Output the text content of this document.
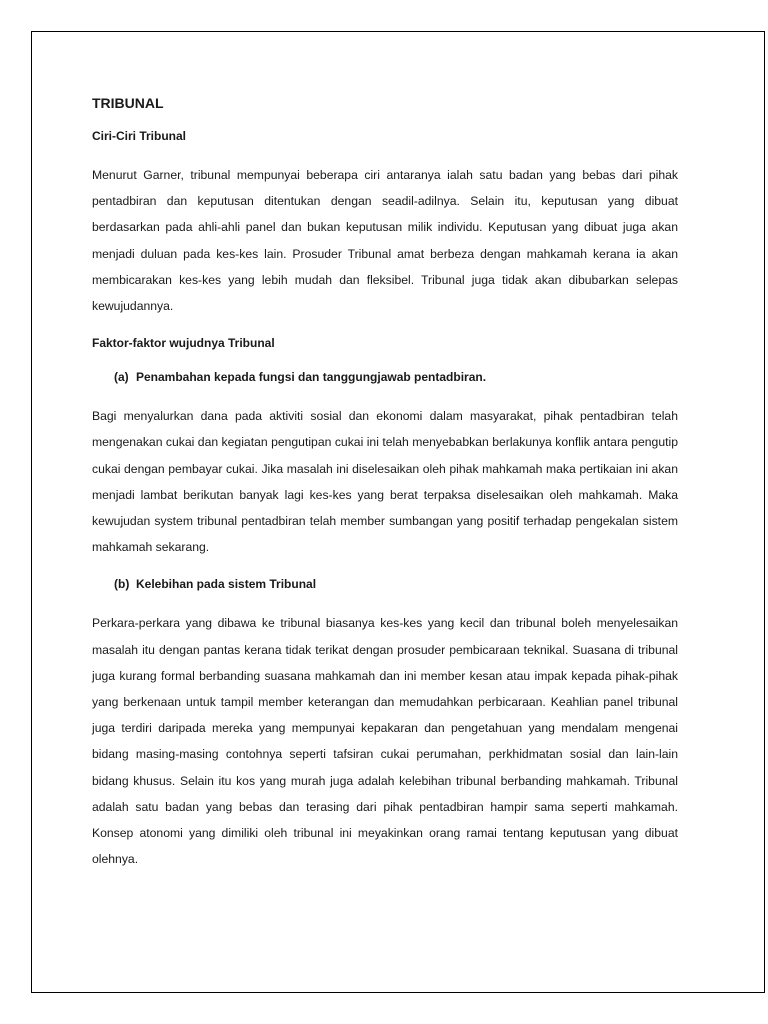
TRIBUNAL
Ciri-Ciri Tribunal

Menurut Garner, tribunal mempunyai beberapa ciri antaranya ialah satu badan yang bebas dari pihak pentadbiran dan keputusan ditentukan dengan seadil-adilnya. Selain itu, keputusan yang dibuat berdasarkan pada ahli-ahli panel dan bukan keputusan milik individu. Keputusan yang dibuat juga akan menjadi duluan pada kes-kes lain. Prosuder Tribunal amat berbeza dengan mahkamah kerana ia akan membicarakan kes-kes yang lebih mudah dan fleksibel. Tribunal juga tidak akan dibubarkan selepas kewujudannya.

Faktor-faktor wujudnya Tribunal
(a) Penambahan kepada fungsi dan tanggungjawab pentadbiran.

Bagi menyalurkan dana pada aktiviti sosial dan ekonomi dalam masyarakat, pihak pentadbiran telah mengenakan cukai dan kegiatan pengutipan cukai ini telah menyebabkan berlakunya konflik antara pengutip cukai dengan pembayar cukai. Jika masalah ini diselesaikan oleh pihak mahkamah maka pertikaian ini akan menjadi lambat berikutan banyak lagi kes-kes yang berat terpaksa diselesaikan oleh mahkamah. Maka kewujudan system tribunal pentadbiran telah member sumbangan yang positif terhadap pengekalan sistem mahkamah sekarang.

(b) Kelebihan pada sistem Tribunal

Perkara-perkara yang dibawa ke tribunal biasanya kes-kes yang kecil dan tribunal boleh menyelesaikan masalah itu dengan pantas kerana tidak terikat dengan prosuder pembicaraan teknikal. Suasana di tribunal juga kurang formal berbanding suasana mahkamah dan ini member kesan atau impak kepada pihak-pihak yang berkenaan untuk tampil member keterangan dan memudahkan perbicaraan. Keahlian panel tribunal juga terdiri daripada mereka yang mempunyai kepakaran dan pengetahuan yang mendalam mengenai bidang masing-masing contohnya seperti tafsiran cukai perumahan, perkhidmatan sosial dan lain-lain bidang khusus. Selain itu kos yang murah juga adalah kelebihan tribunal berbanding mahkamah. Tribunal adalah satu badan yang bebas dan terasing dari pihak pentadbiran hampir sama seperti mahkamah. Konsep atonomi yang dimiliki oleh tribunal ini meyakinkan orang ramai tentang keputusan yang dibuat olehnya.
